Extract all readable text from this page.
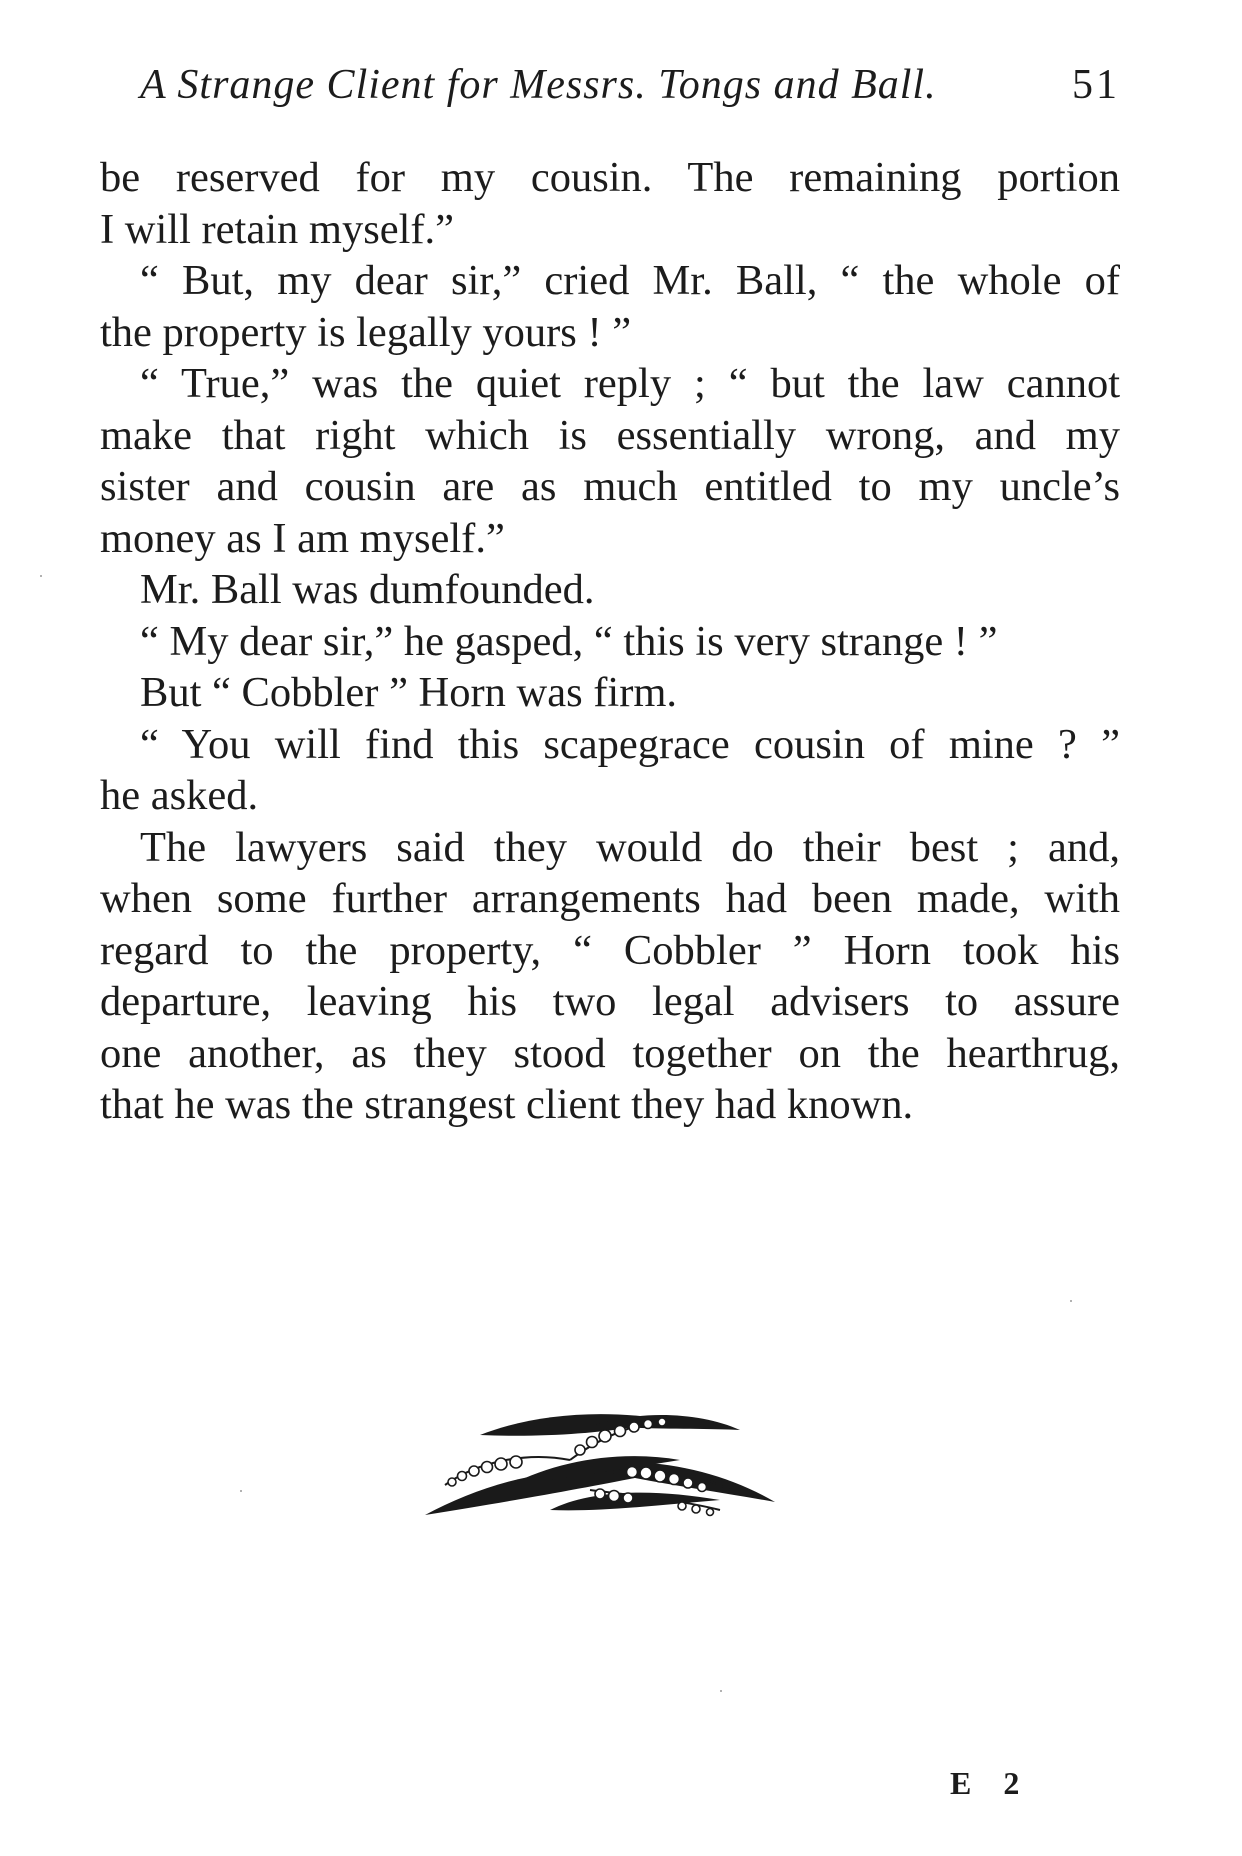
A Strange Client for Messrs. Tongs and Ball.	51
be reserved for my cousin. The remaining portion
I will retain myself.”
“ But, my dear sir,” cried Mr. Ball, “ the whole of
the property is legally yours ! ”
“ True,” was the quiet reply ; “ but the law cannot
make that right which is essentially wrong, and my
sister and cousin are as much entitled to my uncle’s
money as I am myself.”
Mr. Ball was dumfounded.
“ My dear sir,” he gasped, “ this is very strange ! ”
But “ Cobbler ” Horn was firm.
“ You will find this scapegrace cousin of mine ? ”
he asked.
The lawyers said they would do their best ; and,
when some further arrangements had been made, with
regard to the property, “ Cobbler ” Horn took his
departure, leaving his two legal advisers to assure
one another, as they stood together on the hearthrug,
that he was the strangest client they had known.
E 2
